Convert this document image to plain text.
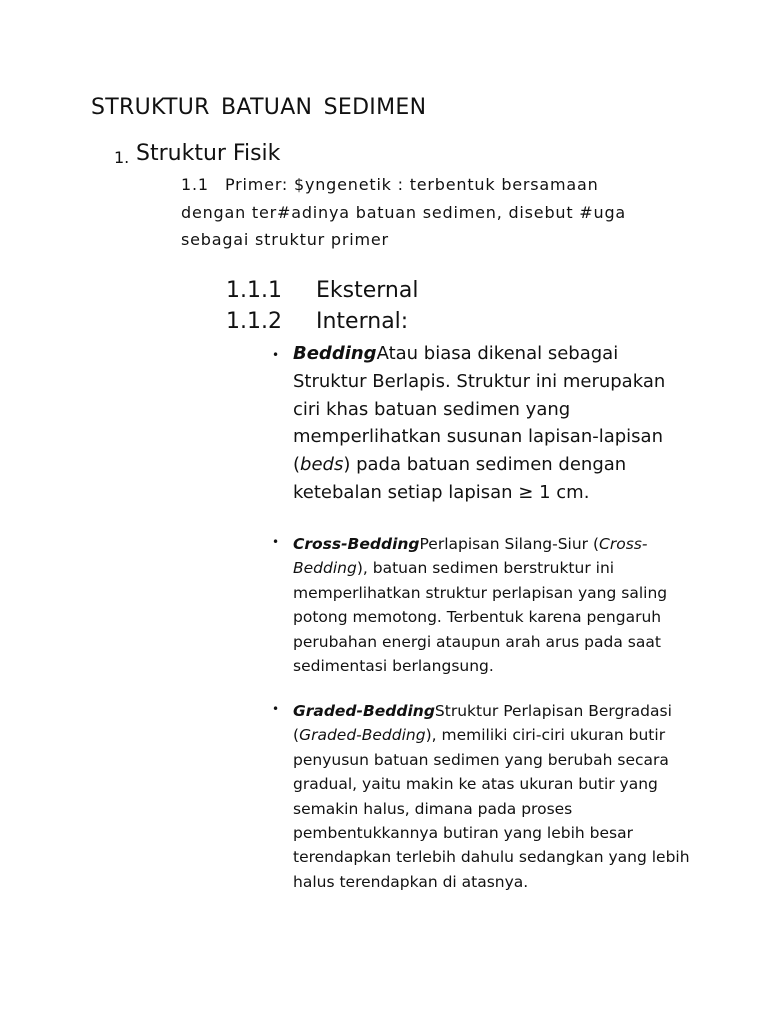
STRUKTUR BATUAN SEDIMEN
1. Struktur Fisik
1.1 Primer: $yngenetik : terbentuk bersamaan dengan ter#adinya batuan sedimen, disebut #uga sebagai struktur primer
1.1.1 Eksternal
1.1.2 Internal:
• BeddingAtau biasa dikenal sebagai Struktur Berlapis. Struktur ini merupakan ciri khas batuan sedimen yang memperlihatkan susunan lapisan-lapisan (beds) pada batuan sedimen dengan ketebalan setiap lapisan ≥ 1 cm.
• Cross-BeddingPerlapisan Silang-Siur (Cross-Bedding), batuan sedimen berstruktur ini memperlihatkan struktur perlapisan yang saling potong memotong. Terbentuk karena pengaruh perubahan energi ataupun arah arus pada saat sedimentasi berlangsung.
• Graded-BeddingStruktur Perlapisan Bergradasi (Graded-Bedding), memiliki ciri-ciri ukuran butir penyusun batuan sedimen yang berubah secara gradual, yaitu makin ke atas ukuran butir yang semakin halus, dimana pada proses pembentukkannya butiran yang lebih besar terendapkan terlebih dahulu sedangkan yang lebih halus terendapkan di atasnya.
